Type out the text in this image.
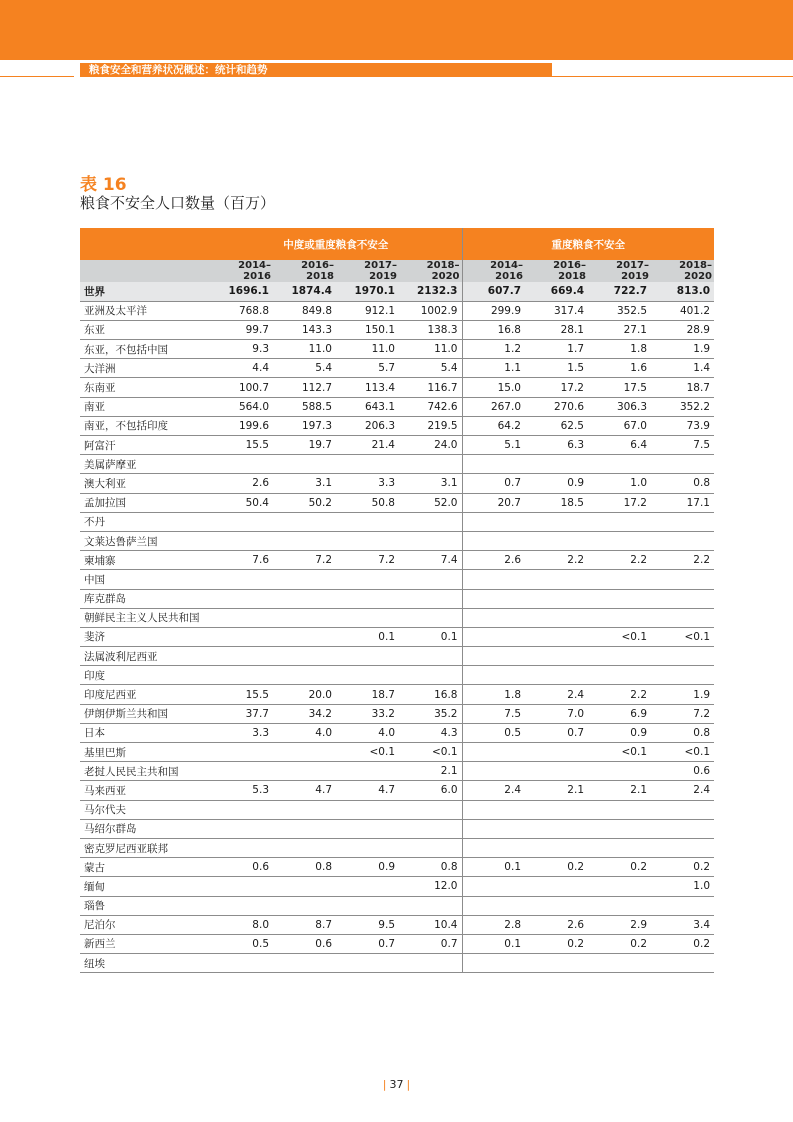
粮食安全和营养状况概述：统计和趋势
表 16
粮食不安全人口数量（百万）
	中度或重度粮食不安全				重度粮食不安全			
	2014–2016	2016–2018	2017–2019	2018–2020	2014–2016	2016–2018	2017–2019	2018–2020
世界	1696.1	1874.4	1970.1	2132.3	607.7	669.4	722.7	813.0
亚洲及太平洋	768.8	849.8	912.1	1002.9	299.9	317.4	352.5	401.2
东亚	99.7	143.3	150.1	138.3	16.8	28.1	27.1	28.9
东亚，不包括中国	9.3	11.0	11.0	11.0	1.2	1.7	1.8	1.9
大洋洲	4.4	5.4	5.7	5.4	1.1	1.5	1.6	1.4
东南亚	100.7	112.7	113.4	116.7	15.0	17.2	17.5	18.7
南亚	564.0	588.5	643.1	742.6	267.0	270.6	306.3	352.2
南亚，不包括印度	199.6	197.3	206.3	219.5	64.2	62.5	67.0	73.9
阿富汗	15.5	19.7	21.4	24.0	5.1	6.3	6.4	7.5
美属萨摩亚								
澳大利亚	2.6	3.1	3.3	3.1	0.7	0.9	1.0	0.8
孟加拉国	50.4	50.2	50.8	52.0	20.7	18.5	17.2	17.1
不丹								
文莱达鲁萨兰国								
柬埔寨	7.6	7.2	7.2	7.4	2.6	2.2	2.2	2.2
中国								
库克群岛								
朝鲜民主主义人民共和国								
斐济			0.1	0.1			<0.1	<0.1
法属波利尼西亚								
印度								
印度尼西亚	15.5	20.0	18.7	16.8	1.8	2.4	2.2	1.9
伊朗伊斯兰共和国	37.7	34.2	33.2	35.2	7.5	7.0	6.9	7.2
日本	3.3	4.0	4.0	4.3	0.5	0.7	0.9	0.8
基里巴斯			<0.1	<0.1			<0.1	<0.1
老挝人民民主共和国				2.1				0.6
马来西亚	5.3	4.7	4.7	6.0	2.4	2.1	2.1	2.4
马尔代夫								
马绍尔群岛								
密克罗尼西亚联邦								
蒙古	0.6	0.8	0.9	0.8	0.1	0.2	0.2	0.2
缅甸				12.0				1.0
瑙鲁								
尼泊尔	8.0	8.7	9.5	10.4	2.8	2.6	2.9	3.4
新西兰	0.5	0.6	0.7	0.7	0.1	0.2	0.2	0.2
纽埃								
| 37 |
